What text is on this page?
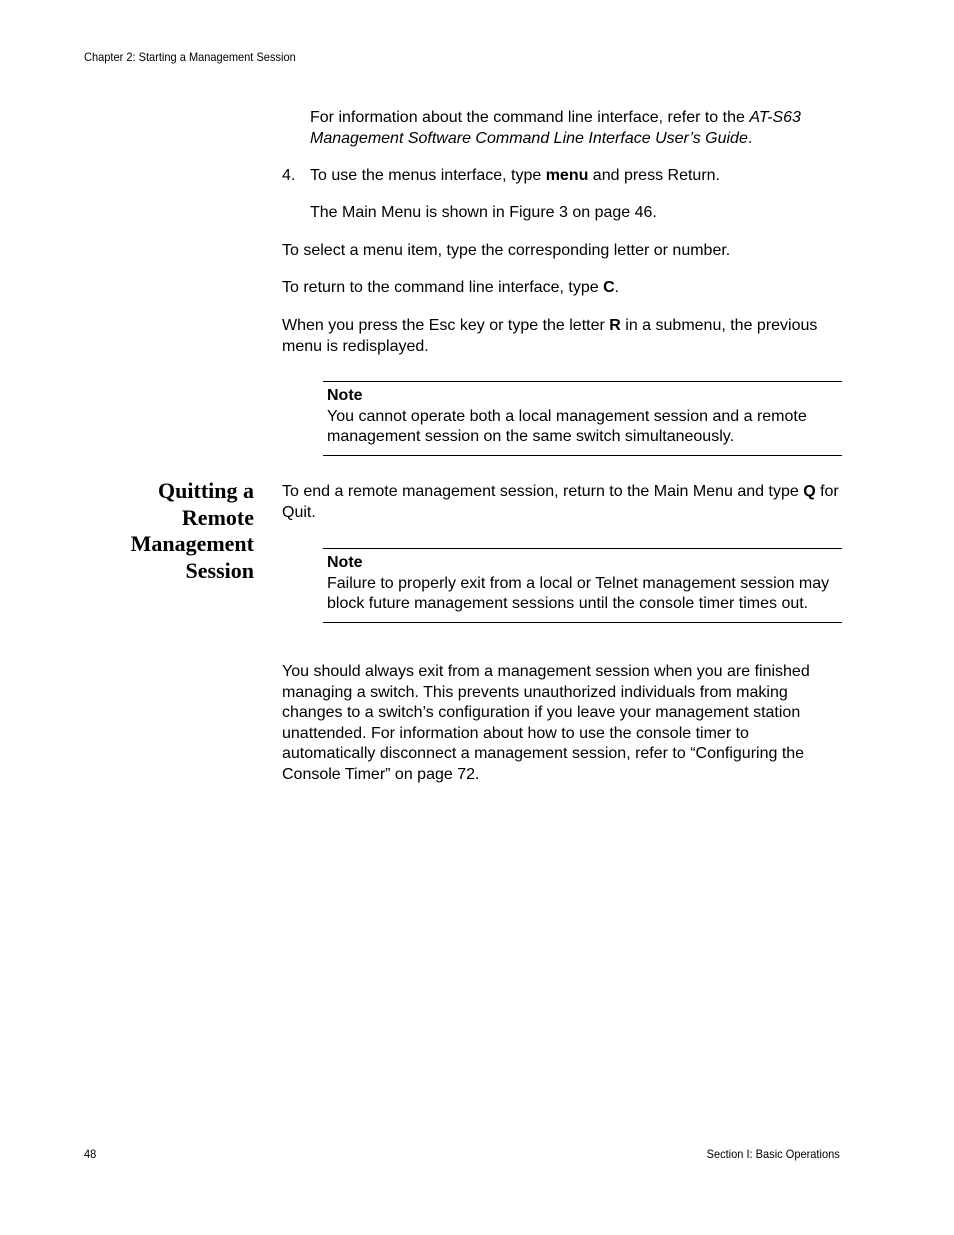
Chapter 2: Starting a Management Session

For information about the command line interface, refer to the AT-S63 Management Software Command Line Interface User’s Guide.

4. To use the menus interface, type menu and press Return.

The Main Menu is shown in Figure 3 on page 46.

To select a menu item, type the corresponding letter or number.

To return to the command line interface, type C.

When you press the Esc key or type the letter R in a submenu, the previous menu is redisplayed.

Note
You cannot operate both a local management session and a remote management session on the same switch simultaneously.
Quitting a
Remote
Management
Session

To end a remote management session, return to the Main Menu and type Q for Quit.

Note
Failure to properly exit from a local or Telnet management session may block future management sessions until the console timer times out.

You should always exit from a management session when you are finished managing a switch. This prevents unauthorized individuals from making changes to a switch’s configuration if you leave your management station unattended. For information about how to use the console timer to automatically disconnect a management session, refer to “Configuring the Console Timer” on page 72.

48	Section I: Basic Operations
